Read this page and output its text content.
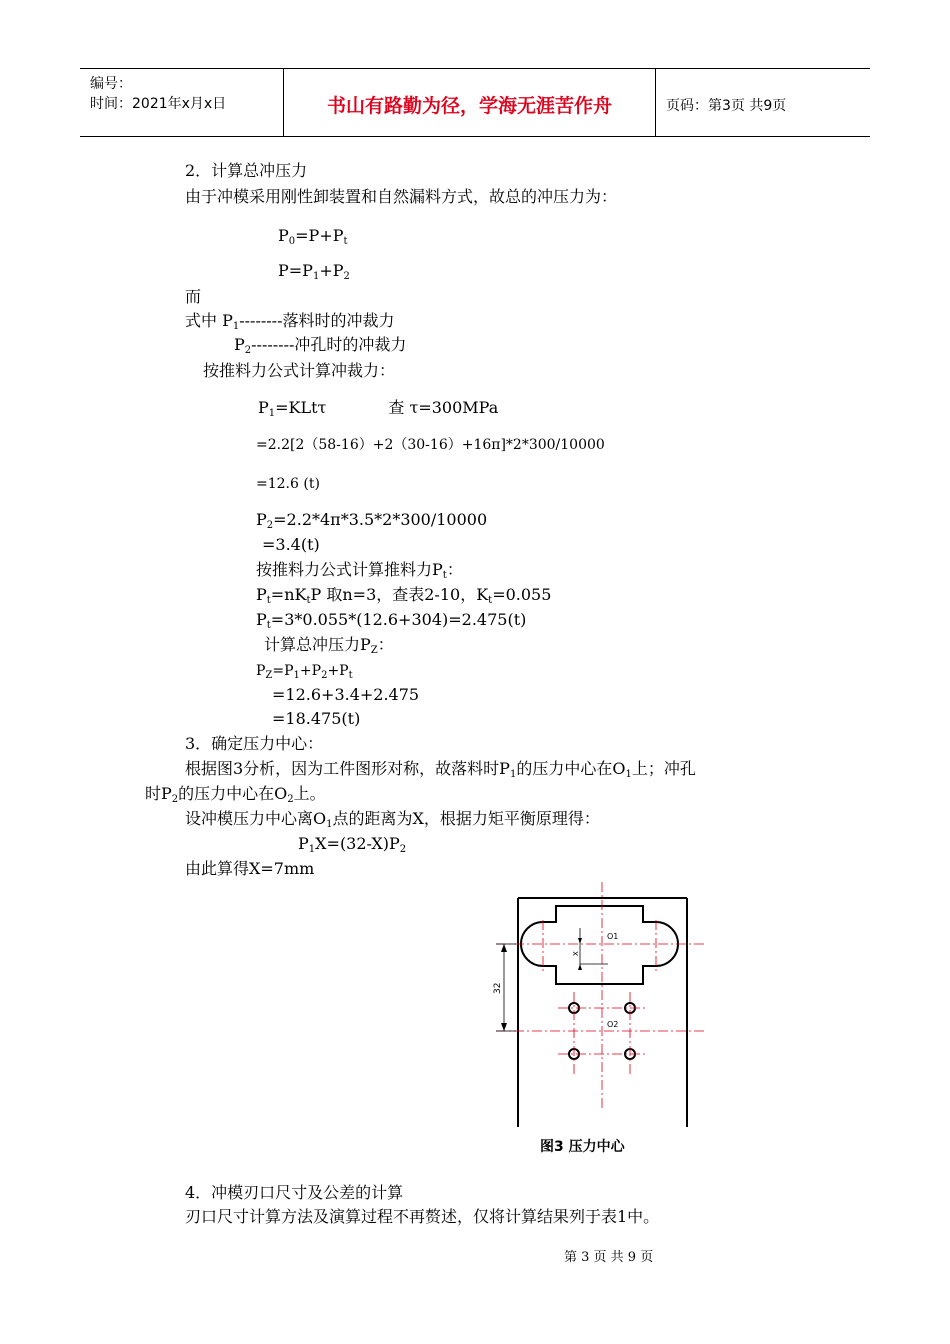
编号：
时间：2021年x月x日	书山有路勤为径，学海无涯苦作舟	页码：第3页 共9页
2．计算总冲压力
由于冲模采用刚性卸装置和自然漏料方式，故总的冲压力为：
$P_0=P+P_t$
$P=P_1+P_2$
而
式中 $P_1--------$落料时的冲裁力
$P_2--------$冲孔时的冲裁力
按推料力公式计算冲裁力：
$P_1=KLt\tau$	查 τ=300MPa
=2.2[2（58-16）+2（30-16）+16π]*2*300/10000
=12.6 (t)
$P_2=2.2*4\pi*3.5*2*300/10000$
=3.4(t)
按推料力公式计算推料力$P_t$：
$P_t=nK_tP$ 取n=3，查表2-10，$K_t=0.055$
$P_t=3*0.055*(12.6+304)=2.475(t)$
计算总冲压力$P_Z$：
$P_Z=P_1+P_2+P_t$
=12.6+3.4+2.475
=18.475(t)
3．确定压力中心：
根据图3分析，因为工件图形对称，故落料时$P_1$的压力中心在$O_1$上；冲孔
时$P_2$的压力中心在$O_2$上。
设冲模压力中心离$O_1$点的距离为X，根据力矩平衡原理得：
$P_1X=(32-X)P_2$
由此算得X=7mm
O1
O2
X
32
图3 压力中心
4．冲模刃口尺寸及公差的计算
刃口尺寸计算方法及演算过程不再赘述，仅将计算结果列于表1中。
第 3 页 共 9 页
